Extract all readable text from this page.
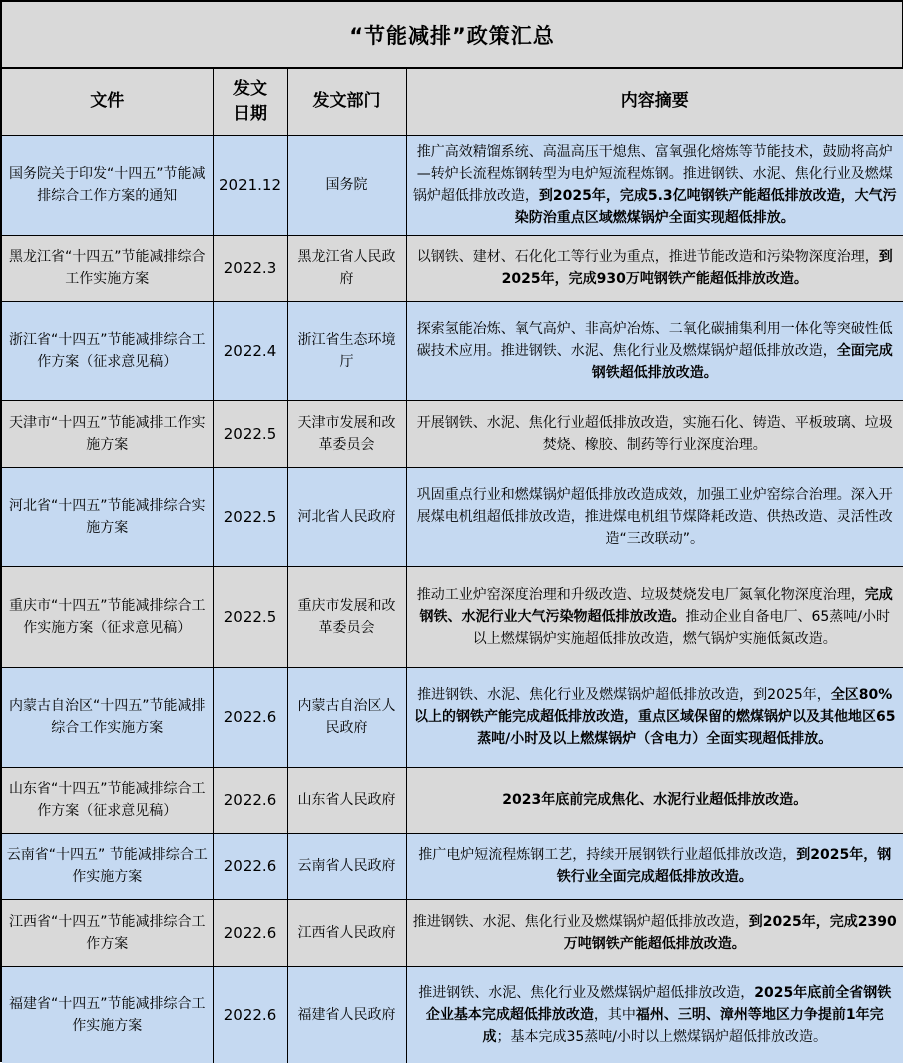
“节能减排”政策汇总
文件	发文日期	发文部门	内容摘要
国务院关于印发“十四五”节能减排综合工作方案的通知	2021.12	国务院	推广高效精馏系统、高温高压干熄焦、富氧强化熔炼等节能技术，鼓励将高炉—转炉长流程炼钢转型为电炉短流程炼钢。推进钢铁、水泥、焦化行业及燃煤锅炉超低排放改造，到2025年，完成5.3亿吨钢铁产能超低排放改造，大气污染防治重点区域燃煤锅炉全面实现超低排放。
黑龙江省“十四五”节能减排综合工作实施方案	2022.3	黑龙江省人民政府	以钢铁、建材、石化化工等行业为重点，推进节能改造和污染物深度治理，到2025年，完成930万吨钢铁产能超低排放改造。
浙江省“十四五”节能减排综合工作方案（征求意见稿）	2022.4	浙江省生态环境厅	探索氢能冶炼、氧气高炉、非高炉冶炼、二氧化碳捕集利用一体化等突破性低碳技术应用。推进钢铁、水泥、焦化行业及燃煤锅炉超低排放改造，全面完成钢铁超低排放改造。
天津市“十四五”节能减排工作实施方案	2022.5	天津市发展和改革委员会	开展钢铁、水泥、焦化行业超低排放改造，实施石化、铸造、平板玻璃、垃圾焚烧、橡胶、制药等行业深度治理。
河北省“十四五”节能减排综合实施方案	2022.5	河北省人民政府	巩固重点行业和燃煤锅炉超低排放改造成效，加强工业炉窑综合治理。深入开展煤电机组超低排放改造，推进煤电机组节煤降耗改造、供热改造、灵活性改造“三改联动”。
重庆市“十四五”节能减排综合工作实施方案（征求意见稿）	2022.5	重庆市发展和改革委员会	推动工业炉窑深度治理和升级改造、垃圾焚烧发电厂氮氧化物深度治理，完成钢铁、水泥行业大气污染物超低排放改造。推动企业自备电厂、65蒸吨/小时以上燃煤锅炉实施超低排放改造，燃气锅炉实施低氮改造。
内蒙古自治区“十四五”节能减排综合工作实施方案	2022.6	内蒙古自治区人民政府	推进钢铁、水泥、焦化行业及燃煤锅炉超低排放改造，到2025年，全区80%以上的钢铁产能完成超低排放改造，重点区域保留的燃煤锅炉以及其他地区65蒸吨/小时及以上燃煤锅炉（含电力）全面实现超低排放。
山东省“十四五”节能减排综合工作方案（征求意见稿）	2022.6	山东省人民政府	2023年底前完成焦化、水泥行业超低排放改造。
云南省“十四五” 节能减排综合工作实施方案	2022.6	云南省人民政府	推广电炉短流程炼钢工艺，持续开展钢铁行业超低排放改造，到2025年，钢铁行业全面完成超低排放改造。
江西省“十四五”节能减排综合工作方案	2022.6	江西省人民政府	推进钢铁、水泥、焦化行业及燃煤锅炉超低排放改造，到2025年，完成2390万吨钢铁产能超低排放改造。
福建省“十四五”节能减排综合工作实施方案	2022.6	福建省人民政府	推进钢铁、水泥、焦化行业及燃煤锅炉超低排放改造，2025年底前全省钢铁企业基本完成超低排放改造，其中福州、三明、漳州等地区力争提前1年完成；基本完成35蒸吨/小时以上燃煤锅炉超低排放改造。
